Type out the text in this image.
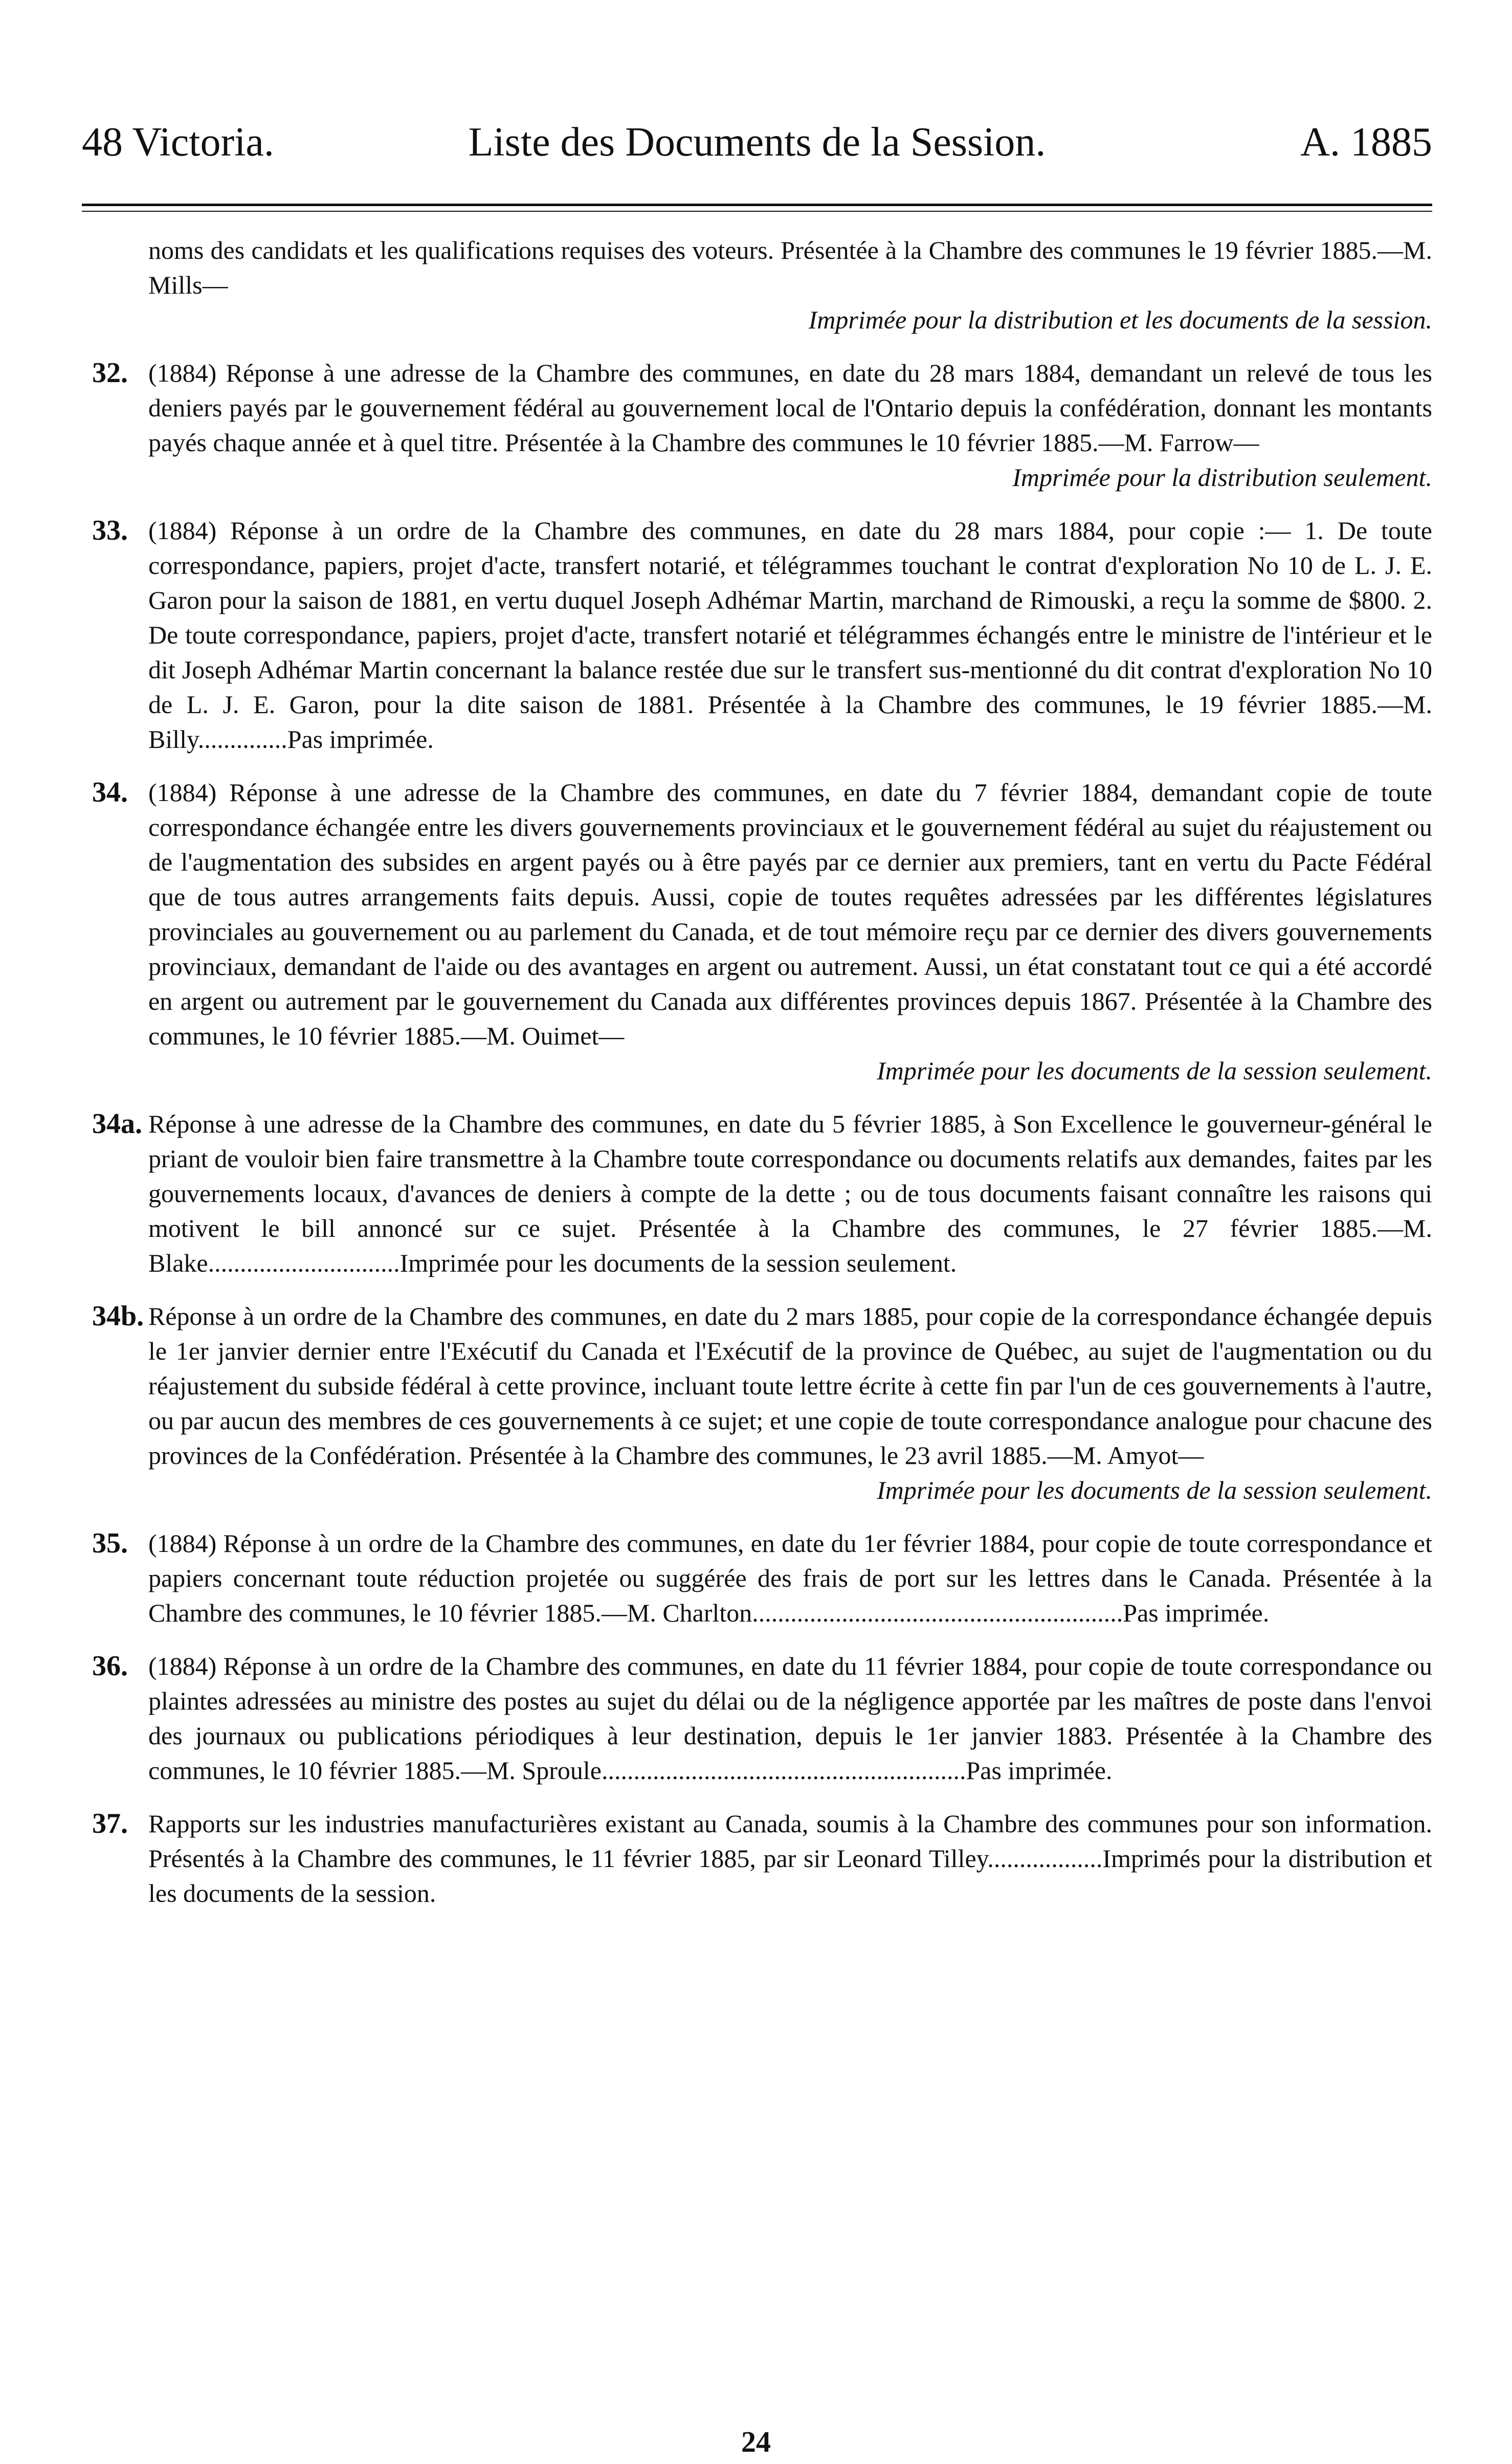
48 Victoria.	Liste des Documents de la Session.	A. 1885
noms des candidats et les qualifications requises des voteurs. Présentée à la Chambre des communes le 19 février 1885.—M. Mills—
Imprimée pour la distribution et les documents de la session.
32. (1884) Réponse à une adresse de la Chambre des communes, en date du 28 mars 1884, demandant un relevé de tous les deniers payés par le gouvernement fédéral au gouvernement local de l'Ontario depuis la confédération, donnant les montants payés chaque année et à quel titre. Présentée à la Chambre des communes le 10 février 1885.—M. Farrow—
Imprimée pour la distribution seulement.
33. (1884) Réponse à un ordre de la Chambre des communes, en date du 28 mars 1884, pour copie :— 1. De toute correspondance, papiers, projet d'acte, transfert notarié, et télégrammes touchant le contrat d'exploration No 10 de L. J. E. Garon pour la saison de 1881, en vertu duquel Joseph Adhémar Martin, marchand de Rimouski, a reçu la somme de $800. 2. De toute correspondance, papiers, projet d'acte, transfert notarié et télégrammes échangés entre le ministre de l'intérieur et le dit Joseph Adhémar Martin concernant la balance restée due sur le transfert sus-mentionné du dit contrat d'exploration No 10 de L. J. E. Garon, pour la dite saison de 1881. Présentée à la Chambre des communes, le 19 février 1885.—M. Billy..............Pas imprimée.
34. (1884) Réponse à une adresse de la Chambre des communes, en date du 7 février 1884, demandant copie de toute correspondance échangée entre les divers gouvernements provinciaux et le gouvernement fédéral au sujet du réajustement ou de l'augmentation des subsides en argent payés ou à être payés par ce dernier aux premiers, tant en vertu du Pacte Fédéral que de tous autres arrangements faits depuis. Aussi, copie de toutes requêtes adressées par les différentes législatures provinciales au gouvernement ou au parlement du Canada, et de tout mémoire reçu par ce dernier des divers gouvernements provinciaux, demandant de l'aide ou des avantages en argent ou autrement. Aussi, un état constatant tout ce qui a été accordé en argent ou autrement par le gouvernement du Canada aux différentes provinces depuis 1867. Présentée à la Chambre des communes, le 10 février 1885.—M. Ouimet—
Imprimée pour les documents de la session seulement.
34a. Réponse à une adresse de la Chambre des communes, en date du 5 février 1885, à Son Excellence le gouverneur-général le priant de vouloir bien faire transmettre à la Chambre toute correspondance ou documents relatifs aux demandes, faites par les gouvernements locaux, d'avances de deniers à compte de la dette ; ou de tous documents faisant connaître les raisons qui motivent le bill annoncé sur ce sujet. Présentée à la Chambre des communes, le 27 février 1885.—M. Blake..............................Imprimée pour les documents de la session seulement.
34b. Réponse à un ordre de la Chambre des communes, en date du 2 mars 1885, pour copie de la correspondance échangée depuis le 1er janvier dernier entre l'Exécutif du Canada et l'Exécutif de la province de Québec, au sujet de l'augmentation ou du réajustement du subside fédéral à cette province, incluant toute lettre écrite à cette fin par l'un de ces gouvernements à l'autre, ou par aucun des membres de ces gouvernements à ce sujet; et une copie de toute correspondance analogue pour chacune des provinces de la Confédération. Présentée à la Chambre des communes, le 23 avril 1885.—M. Amyot—
Imprimée pour les documents de la session seulement.
35. (1884) Réponse à un ordre de la Chambre des communes, en date du 1er février 1884, pour copie de toute correspondance et papiers concernant toute réduction projetée ou suggérée des frais de port sur les lettres dans le Canada. Présentée à la Chambre des communes, le 10 février 1885.—M. Charlton..........................................................Pas imprimée.
36. (1884) Réponse à un ordre de la Chambre des communes, en date du 11 février 1884, pour copie de toute correspondance ou plaintes adressées au ministre des postes au sujet du délai ou de la négligence apportée par les maîtres de poste dans l'envoi des journaux ou publications périodiques à leur destination, depuis le 1er janvier 1883. Présentée à la Chambre des communes, le 10 février 1885.—M. Sproule.........................................................Pas imprimée.
37. Rapports sur les industries manufacturières existant au Canada, soumis à la Chambre des communes pour son information. Présentés à la Chambre des communes, le 11 février 1885, par sir Leonard Tilley..................Imprimés pour la distribution et les documents de la session.
24
